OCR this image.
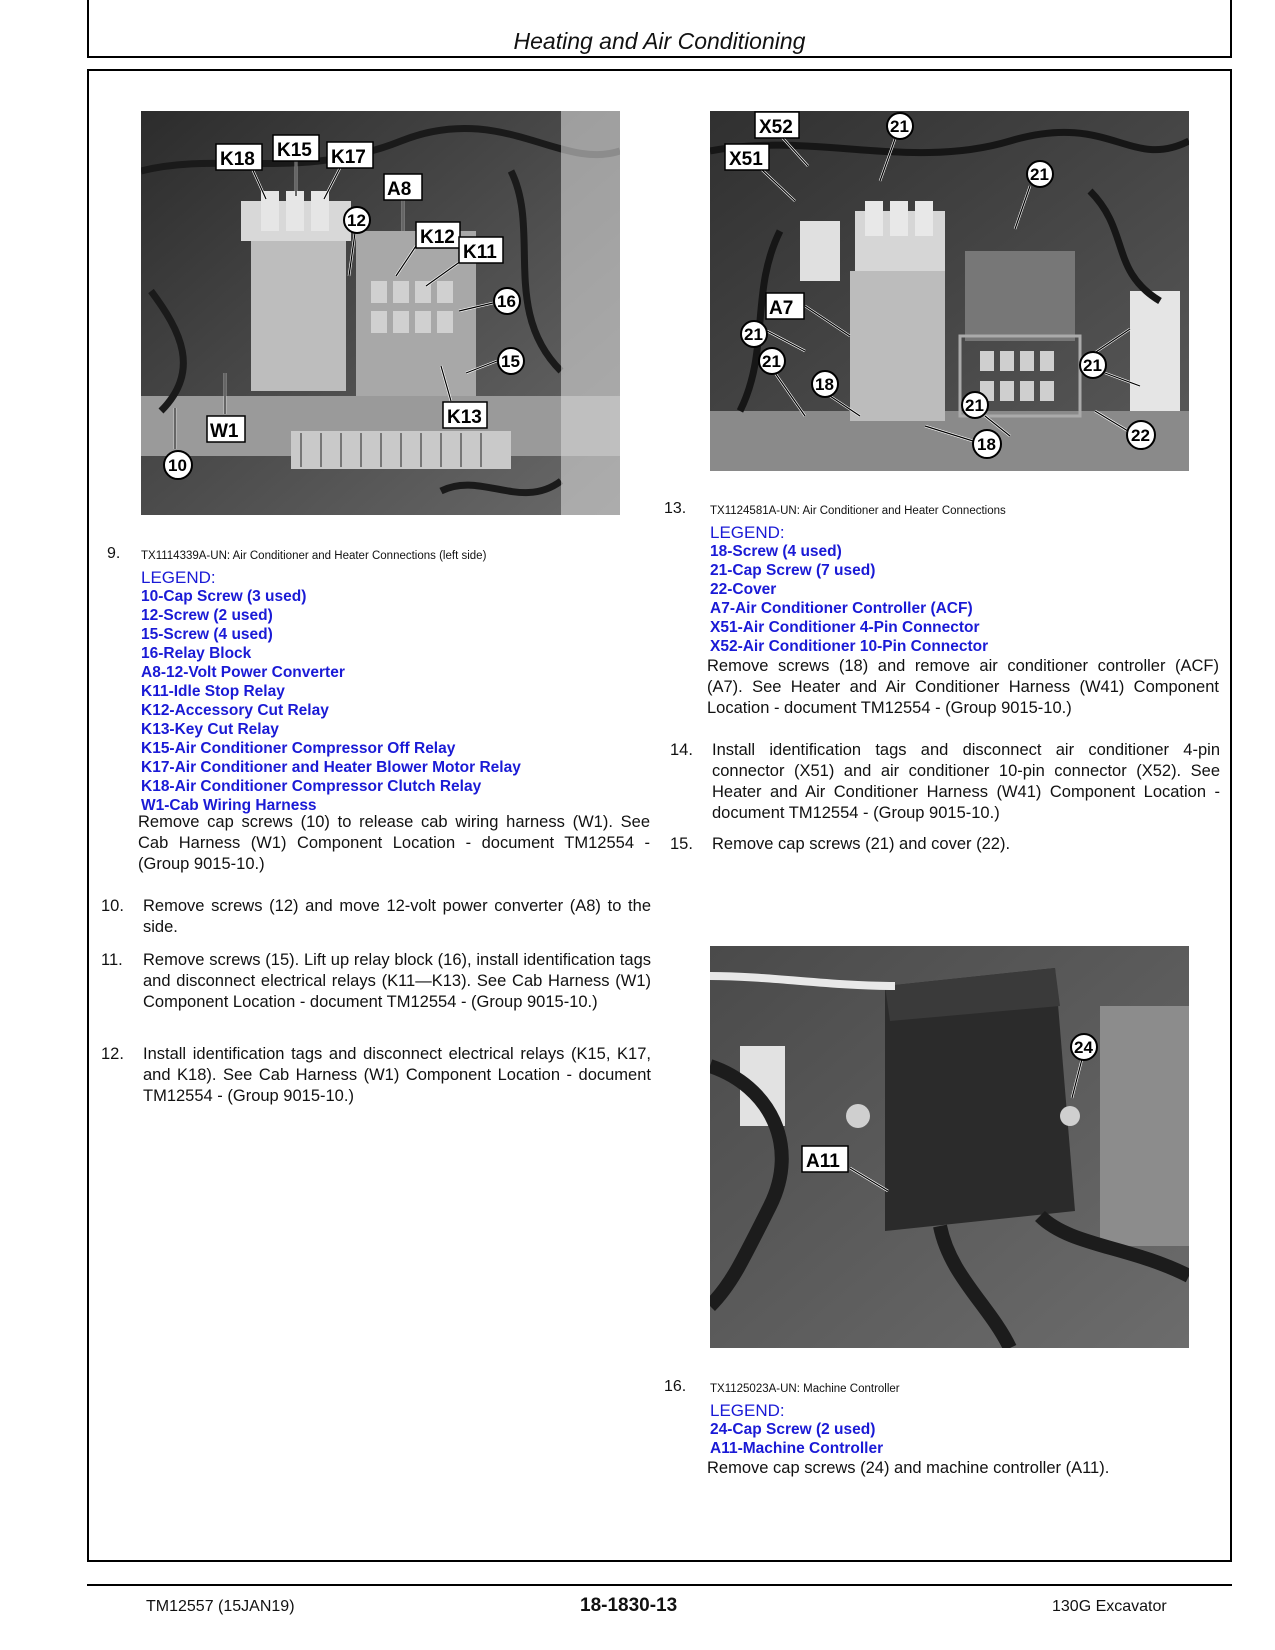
Heating and Air Conditioning
K18 K15 K17
A8
12
K12
K11
16
15
K13
W1
10
X52
X51
21
21
A7
21
21
18
21
21
18	22
24
A11
9. TX1114339A-UN: Air Conditioner and Heater Connections (left side)
LEGEND:
10-Cap Screw (3 used)
12-Screw (2 used)
15-Screw (4 used)
16-Relay Block
A8-12-Volt Power Converter
K11-Idle Stop Relay
K12-Accessory Cut Relay
K13-Key Cut Relay
K15-Air Conditioner Compressor Off Relay
K17-Air Conditioner and Heater Blower Motor Relay
K18-Air Conditioner Compressor Clutch Relay
W1-Cab Wiring Harness
Remove cap screws (10) to release cab wiring harness (W1). See Cab Harness (W1) Component Location - document TM12554 - (Group 9015-10.)
10. Remove screws (12) and move 12-volt power converter (A8) to the side.
11. Remove screws (15). Lift up relay block (16), install identification tags and disconnect electrical relays (K11—K13). See Cab Harness (W1) Component Location - document TM12554 - (Group 9015-10.)
12. Install identification tags and disconnect electrical relays (K15, K17, and K18). See Cab Harness (W1) Component Location - document TM12554 - (Group 9015-10.)
13. TX1124581A-UN: Air Conditioner and Heater Connections
LEGEND:
18-Screw (4 used)
21-Cap Screw (7 used)
22-Cover
A7-Air Conditioner Controller (ACF)
X51-Air Conditioner 4-Pin Connector
X52-Air Conditioner 10-Pin Connector
Remove screws (18) and remove air conditioner controller (ACF) (A7). See Heater and Air Conditioner Harness (W41) Component Location - document TM12554 - (Group 9015-10.)
14. Install identification tags and disconnect air conditioner 4-pin connector (X51) and air conditioner 10-pin connector (X52). See Heater and Air Conditioner Harness (W41) Component Location - document TM12554 - (Group 9015-10.)
15. Remove cap screws (21) and cover (22).
16. TX1125023A-UN: Machine Controller
LEGEND:
24-Cap Screw (2 used)
A11-Machine Controller
Remove cap screws (24) and machine controller (A11).
TM12557 (15JAN19)	18-1830-13	130G Excavator
